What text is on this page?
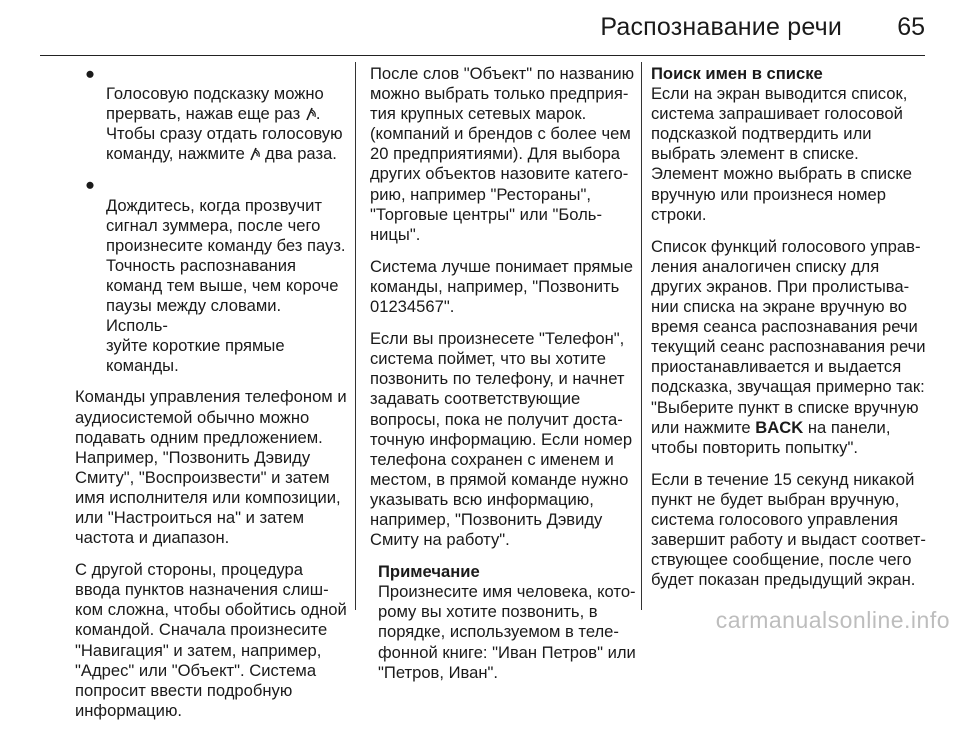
Распознавание речи 65

●
Голосовую подсказку можно
прервать, нажав еще раз .
Чтобы сразу отдать голосовую
команду, нажмите  два раза.

●
Дождитесь, когда прозвучит
сигнал зуммера, после чего
произнесите команду без пауз.
Точность распознавания
команд тем выше, чем короче
паузы между словами. Исполь-
зуйте короткие прямые
команды.

Команды управления телефоном и
аудиосистемой обычно можно
подавать одним предложением.
Например, "Позвонить Дэвиду
Смиту", "Воспроизвести" и затем
имя исполнителя или композиции,
или "Настроиться на" и затем
частота и диапазон.

С другой стороны, процедура
ввода пунктов назначения слиш-
ком сложна, чтобы обойтись одной
командой. Сначала произнесите
"Навигация" и затем, например,
"Адрес" или "Объект". Система
попросит ввести подробную
информацию.

После слов "Объект" по названию
можно выбрать только предприя-
тия крупных сетевых марок.
(компаний и брендов с более чем
20 предприятиями). Для выбора
других объектов назовите катего-
рию, например "Рестораны",
"Торговые центры" или "Боль-
ницы".

Система лучше понимает прямые
команды, например, "Позвонить
01234567".

Если вы произнесете "Телефон",
система поймет, что вы хотите
позвонить по телефону, и начнет
задавать соответствующие
вопросы, пока не получит доста-
точную информацию. Если номер
телефона сохранен с именем и
местом, в прямой команде нужно
указывать всю информацию,
например, "Позвонить Дэвиду
Смиту на работу".

Примечание

Произнесите имя человека, кото-
рому вы хотите позвонить, в
порядке, используемом в теле-
фонной книге: "Иван Петров" или
"Петров, Иван".

Поиск имен в списке

Если на экран выводится список,
система запрашивает голосовой
подсказкой подтвердить или
выбрать элемент в списке.
Элемент можно выбрать в списке
вручную или произнеся номер
строки.

Список функций голосового управ-
ления аналогичен списку для
других экранов. При пролистыва-
нии списка на экране вручную во
время сеанса распознавания речи
текущий сеанс распознавания речи
приостанавливается и выдается
подсказка, звучащая примерно так:
"Выберите пункт в списке вручную
или нажмите BACK на панели,
чтобы повторить попытку".

Если в течение 15 секунд никакой
пункт не будет выбран вручную,
система голосового управления
завершит работу и выдаст соответ-
ствующее сообщение, после чего
будет показан предыдущий экран.

carmanualsonline.info
